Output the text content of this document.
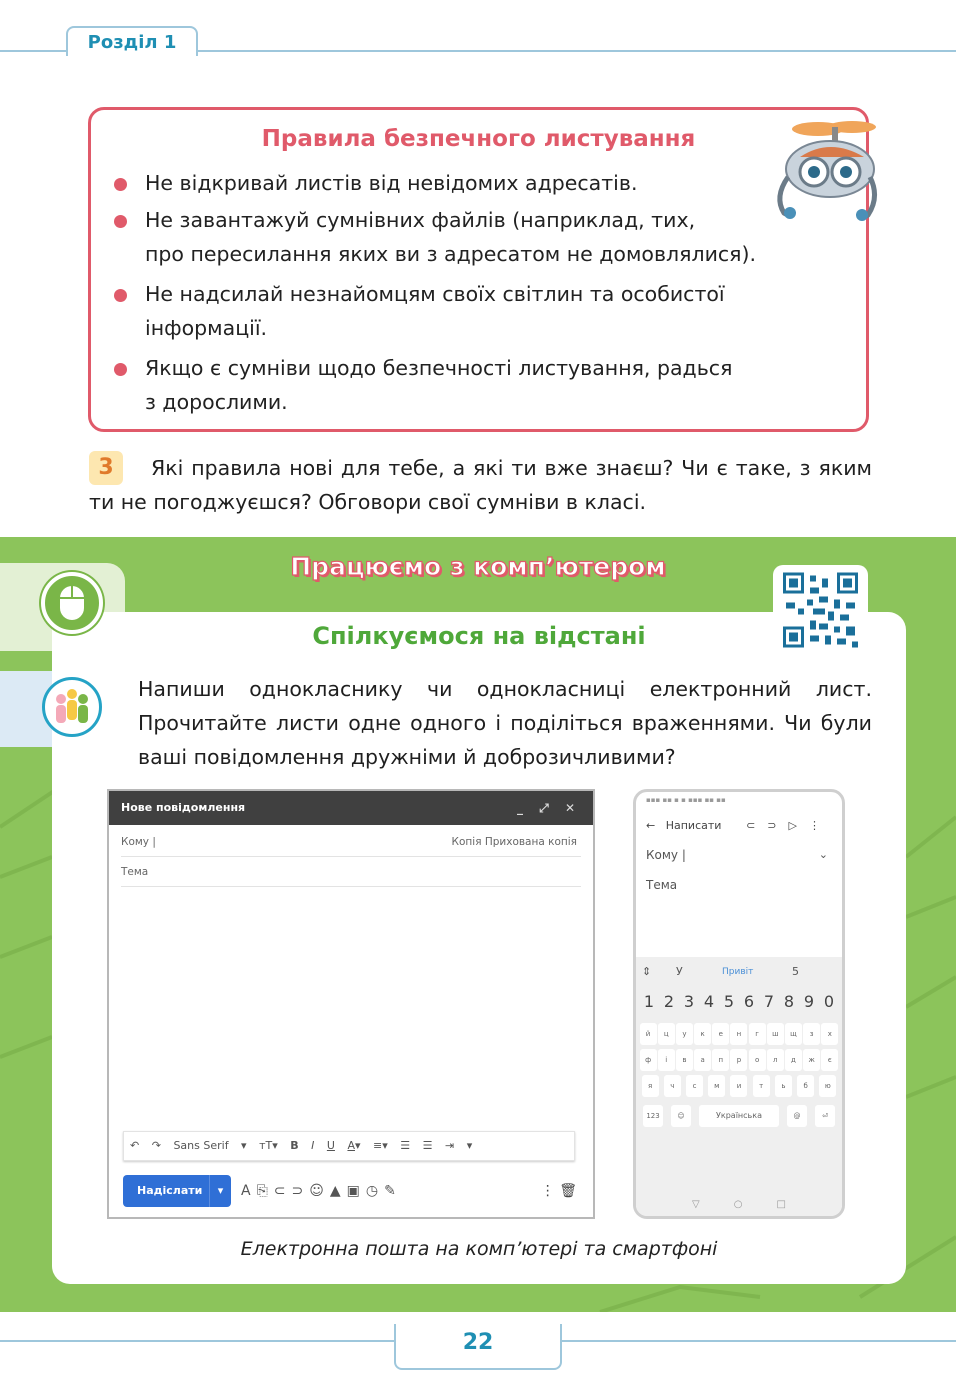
Розділ 1
Правила безпечного листування
Не відкривай листів від невідомих адресатів.
Не завантажуй сумнівних файлів (наприклад, тих,
про пересилання яких ви з адресатом не домовлялися).
Не надсилай незнайомцям своїх світлин та особистої
інформації.
Якщо є сумніви щодо безпечності листування, радься
з дорослими.
Які правила нові для тебе, а які ти вже знаєш? Чи є таке, з яким ти не погоджуєшся? Обговори свої сумніви в класі.
3
Працюємо з комп’ютером
Спілкуємося на відстані
Напиши однокласнику чи однокласниці електронний лист. Прочитайте листи одне одного і поділіться враженнями. Чи були ваші повідомлення дружніми й доброзичливими?
Нове повідомлення	_ ⤢ ✕
Кому |	Копія Прихована копія
Тема
↶ ↷ Sans Serif ▾ тT▾ B I U A▾ ≡▾ ☰ ☰ ⇥ ▾
Надіслати	▾	A⎘⊂⊃☺▲▣◷✎	⋮ 🗑
▪▪▪ ▪▪ ▪ ▪ ▪▪▪ ▪▪ ▪▪
← Написати ⊂⊃▷⋮
Кому |	⌄
Тема
⇕ У	Привіт	5
1 2 3 4 5 6 7 8 9 0
й	ц	у	к	е	н	г	ш	щ	з	х
ф	і	в	а	п	р	о	л	д	ж	є
я	ч	с	м	и	т	ь	б	ю
123	☺	Українська	@	⏎
▽○□
Електронна пошта на комп’ютері та смартфоні
22
